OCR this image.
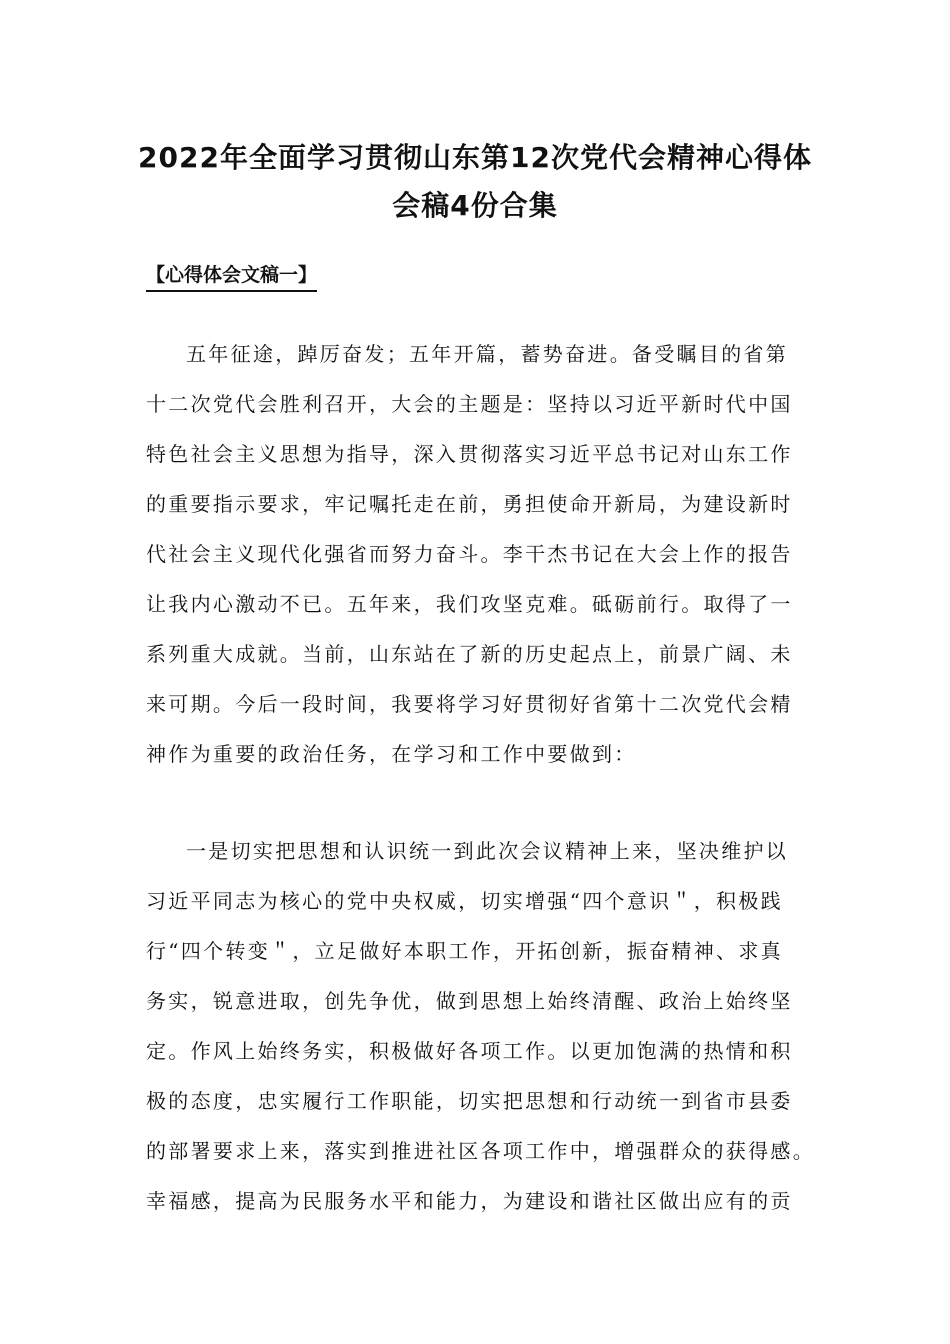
2022年全面学习贯彻山东第12次党代会精神心得体
会稿4份合集
【心得体会文稿一】
五年征途，踔厉奋发；五年开篇，蓄势奋进。备受瞩目的省第
十二次党代会胜利召开，大会的主题是：坚持以习近平新时代中国
特色社会主义思想为指导，深入贯彻落实习近平总书记对山东工作
的重要指示要求，牢记嘱托走在前，勇担使命开新局，为建设新时
代社会主义现代化强省而努力奋斗。李干杰书记在大会上作的报告
让我内心激动不已。五年来，我们攻坚克难。砥砺前行。取得了一
系列重大成就。当前，山东站在了新的历史起点上，前景广阔、未
来可期。今后一段时间，我要将学习好贯彻好省第十二次党代会精
神作为重要的政治任务，在学习和工作中要做到：
一是切实把思想和认识统一到此次会议精神上来，坚决维护以
习近平同志为核心的党中央权威，切实增强“四个意识＂，积极践
行“四个转变＂，立足做好本职工作，开拓创新，振奋精神、求真
务实，锐意进取，创先争优，做到思想上始终清醒、政治上始终坚
定。作风上始终务实，积极做好各项工作。以更加饱满的热情和积
极的态度，忠实履行工作职能，切实把思想和行动统一到省市县委
的部署要求上来，落实到推进社区各项工作中，增强群众的获得感。
幸福感，提高为民服务水平和能力，为建设和谐社区做出应有的贡
